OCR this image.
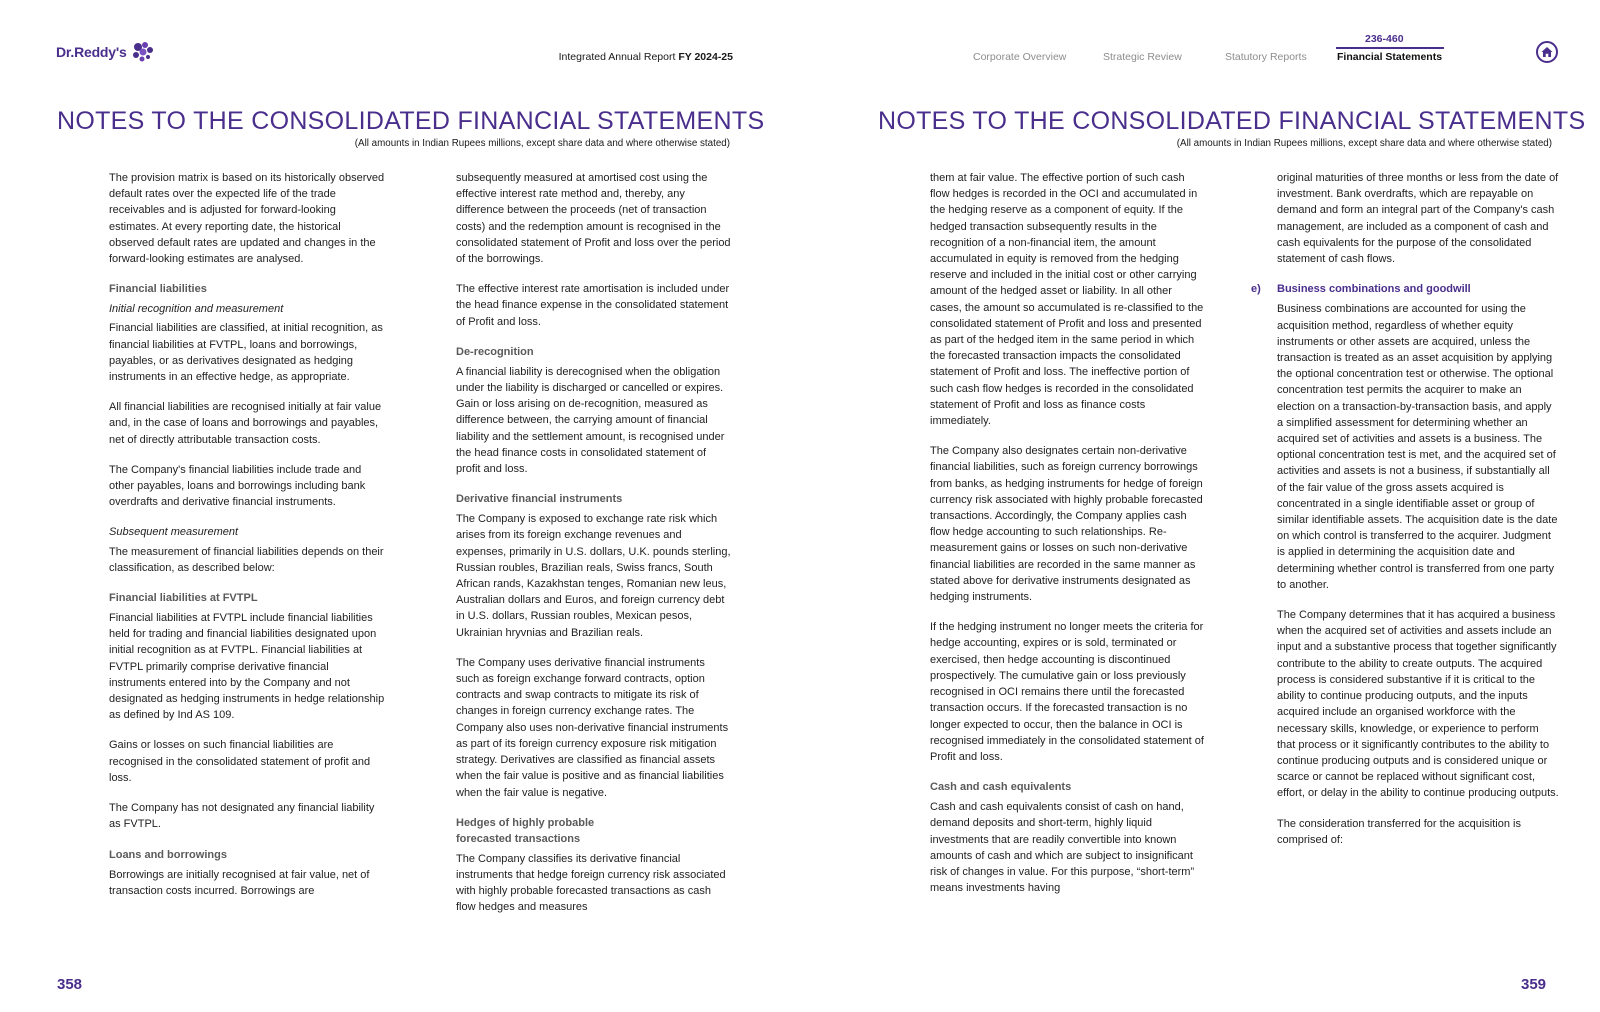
Dr.Reddy's	Integrated Annual Report FY 2024-25	Corporate Overview	Strategic Review	Statutory Reports
236-460
Financial Statements
NOTES TO THE CONSOLIDATED FINANCIAL STATEMENTS
(All amounts in Indian Rupees millions, except share data and where otherwise stated)
NOTES TO THE CONSOLIDATED FINANCIAL STATEMENTS
(All amounts in Indian Rupees millions, except share data and where otherwise stated)

The provision matrix is based on its historically observed default rates over the expected life of the trade receivables and is adjusted for forward-looking estimates. At every reporting date, the historical observed default rates are updated and changes in the forward-looking estimates are analysed.

Financial liabilities
Initial recognition and measurement

Financial liabilities are classified, at initial recognition, as financial liabilities at FVTPL, loans and borrowings, payables, or as derivatives designated as hedging instruments in an effective hedge, as appropriate.

All financial liabilities are recognised initially at fair value and, in the case of loans and borrowings and payables, net of directly attributable transaction costs.

The Company's financial liabilities include trade and other payables, loans and borrowings including bank overdrafts and derivative financial instruments.

Subsequent measurement

The measurement of financial liabilities depends on their classification, as described below:

Financial liabilities at FVTPL

Financial liabilities at FVTPL include financial liabilities held for trading and financial liabilities designated upon initial recognition as at FVTPL. Financial liabilities at FVTPL primarily comprise derivative financial instruments entered into by the Company and not designated as hedging instruments in hedge relationship as defined by Ind AS 109.

Gains or losses on such financial liabilities are recognised in the consolidated statement of profit and loss.

The Company has not designated any financial liability as FVTPL.

Loans and borrowings

Borrowings are initially recognised at fair value, net of transaction costs incurred. Borrowings are

subsequently measured at amortised cost using the effective interest rate method and, thereby, any difference between the proceeds (net of transaction costs) and the redemption amount is recognised in the consolidated statement of Profit and loss over the period of the borrowings.

The effective interest rate amortisation is included under the head finance expense in the consolidated statement of Profit and loss.

De-recognition

A financial liability is derecognised when the obligation under the liability is discharged or cancelled or expires. Gain or loss arising on de-recognition, measured as difference between, the carrying amount of financial liability and the settlement amount, is recognised under the head finance costs in consolidated statement of profit and loss.

Derivative financial instruments

The Company is exposed to exchange rate risk which arises from its foreign exchange revenues and expenses, primarily in U.S. dollars, U.K. pounds sterling, Russian roubles, Brazilian reals, Swiss francs, South African rands, Kazakhstan tenges, Romanian new leus, Australian dollars and Euros, and foreign currency debt in U.S. dollars, Russian roubles, Mexican pesos, Ukrainian hryvnias and Brazilian reals.

The Company uses derivative financial instruments such as foreign exchange forward contracts, option contracts and swap contracts to mitigate its risk of changes in foreign currency exchange rates. The Company also uses non-derivative financial instruments as part of its foreign currency exposure risk mitigation strategy. Derivatives are classified as financial assets when the fair value is positive and as financial liabilities when the fair value is negative.

Hedges of highly probable
forecasted transactions

The Company classifies its derivative financial instruments that hedge foreign currency risk associated with highly probable forecasted transactions as cash flow hedges and measures

them at fair value. The effective portion of such cash flow hedges is recorded in the OCI and accumulated in the hedging reserve as a component of equity. If the hedged transaction subsequently results in the recognition of a non-financial item, the amount accumulated in equity is removed from the hedging reserve and included in the initial cost or other carrying amount of the hedged asset or liability. In all other cases, the amount so accumulated is re-classified to the consolidated statement of Profit and loss and presented as part of the hedged item in the same period in which the forecasted transaction impacts the consolidated statement of Profit and loss. The ineffective portion of such cash flow hedges is recorded in the consolidated statement of Profit and loss as finance costs immediately.

The Company also designates certain non-derivative financial liabilities, such as foreign currency borrowings from banks, as hedging instruments for hedge of foreign currency risk associated with highly probable forecasted transactions. Accordingly, the Company applies cash flow hedge accounting to such relationships. Re-measurement gains or losses on such non-derivative financial liabilities are recorded in the same manner as stated above for derivative instruments designated as hedging instruments.

If the hedging instrument no longer meets the criteria for hedge accounting, expires or is sold, terminated or exercised, then hedge accounting is discontinued prospectively. The cumulative gain or loss previously recognised in OCI remains there until the forecasted transaction occurs. If the forecasted transaction is no longer expected to occur, then the balance in OCI is recognised immediately in the consolidated statement of Profit and loss.

Cash and cash equivalents

Cash and cash equivalents consist of cash on hand, demand deposits and short-term, highly liquid investments that are readily convertible into known amounts of cash and which are subject to insignificant risk of changes in value. For this purpose, “short-term” means investments having

original maturities of three months or less from the date of investment. Bank overdrafts, which are repayable on demand and form an integral part of the Company's cash management, are included as a component of cash and cash equivalents for the purpose of the consolidated statement of cash flows.

e) Business combinations and goodwill

Business combinations are accounted for using the acquisition method, regardless of whether equity instruments or other assets are acquired, unless the transaction is treated as an asset acquisition by applying the optional concentration test or otherwise. The optional concentration test permits the acquirer to make an election on a transaction-by-transaction basis, and apply a simplified assessment for determining whether an acquired set of activities and assets is a business. The optional concentration test is met, and the acquired set of activities and assets is not a business, if substantially all of the fair value of the gross assets acquired is concentrated in a single identifiable asset or group of similar identifiable assets. The acquisition date is the date on which control is transferred to the acquirer. Judgment is applied in determining the acquisition date and determining whether control is transferred from one party to another.

The Company determines that it has acquired a business when the acquired set of activities and assets include an input and a substantive process that together significantly contribute to the ability to create outputs. The acquired process is considered substantive if it is critical to the ability to continue producing outputs, and the inputs acquired include an organised workforce with the necessary skills, knowledge, or experience to perform that process or it significantly contributes to the ability to continue producing outputs and is considered unique or scarce or cannot be replaced without significant cost, effort, or delay in the ability to continue producing outputs.

The consideration transferred for the acquisition is comprised of:

358	359
